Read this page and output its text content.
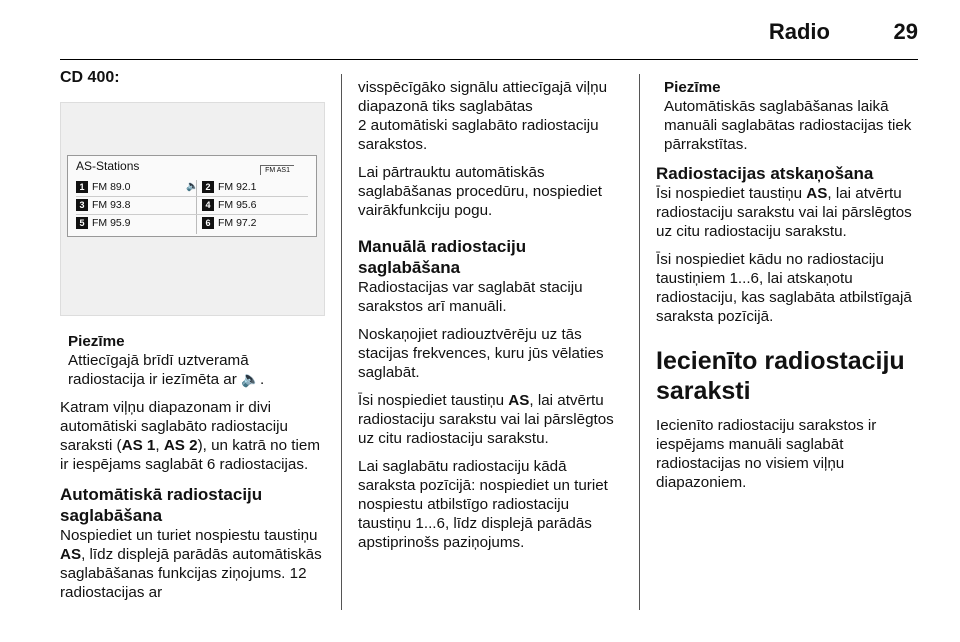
Radio	29
CD 400:
AS-Stations	FM AS1
1 FM 89.0	🔈 2 FM 92.1
3 FM 93.8	4 FM 95.6
5 FM 95.9	6 FM 97.2
Piezīme

Attiecīgajā brīdī uztveramā radiostacija ir iezīmēta ar 🔈.

Katram viļņu diapazonam ir divi automātiski saglabāto radiostaciju saraksti (AS 1, AS 2), un katrā no tiem ir iespējams saglabāt 6 radiostacijas.

Automātiskā radiostaciju saglabāšana

Nospiediet un turiet nospiestu taustiņu AS, līdz displejā parādās automātiskās saglabāšanas funkcijas ziņojums. 12 radiostacijas ar

visspēcīgāko signālu attiecīgajā viļņu diapazonā tiks saglabātas

2 automātiski saglabāto radiostaciju sarakstos.

Lai pārtrauktu automātiskās saglabāšanas procedūru, nospiediet vairākfunkciju pogu.

Manuālā radiostaciju saglabāšana

Radiostacijas var saglabāt staciju sarakstos arī manuāli.

Noskaņojiet radiouztvērēju uz tās stacijas frekvences, kuru jūs vēlaties saglabāt.

Īsi nospiediet taustiņu AS, lai atvērtu radiostaciju sarakstu vai lai pārslēgtos uz citu radiostaciju sarakstu.

Lai saglabātu radiostaciju kādā saraksta pozīcijā: nospiediet un turiet nospiestu atbilstīgo radiostaciju taustiņu 1...6, līdz displejā parādās apstiprinošs paziņojums.

Piezīme

Automātiskās saglabāšanas laikā manuāli saglabātas radiostacijas tiek pārrakstītas.

Radiostacijas atskaņošana

Īsi nospiediet taustiņu AS, lai atvērtu radiostaciju sarakstu vai lai pārslēgtos uz citu radiostaciju sarakstu.

Īsi nospiediet kādu no radiostaciju taustiņiem 1...6, lai atskaņotu radiostaciju, kas saglabāta atbilstīgajā saraksta pozīcijā.

Iecienīto radiostaciju saraksti

Iecienīto radiostaciju sarakstos ir iespējams manuāli saglabāt radiostacijas no visiem viļņu diapazoniem.
